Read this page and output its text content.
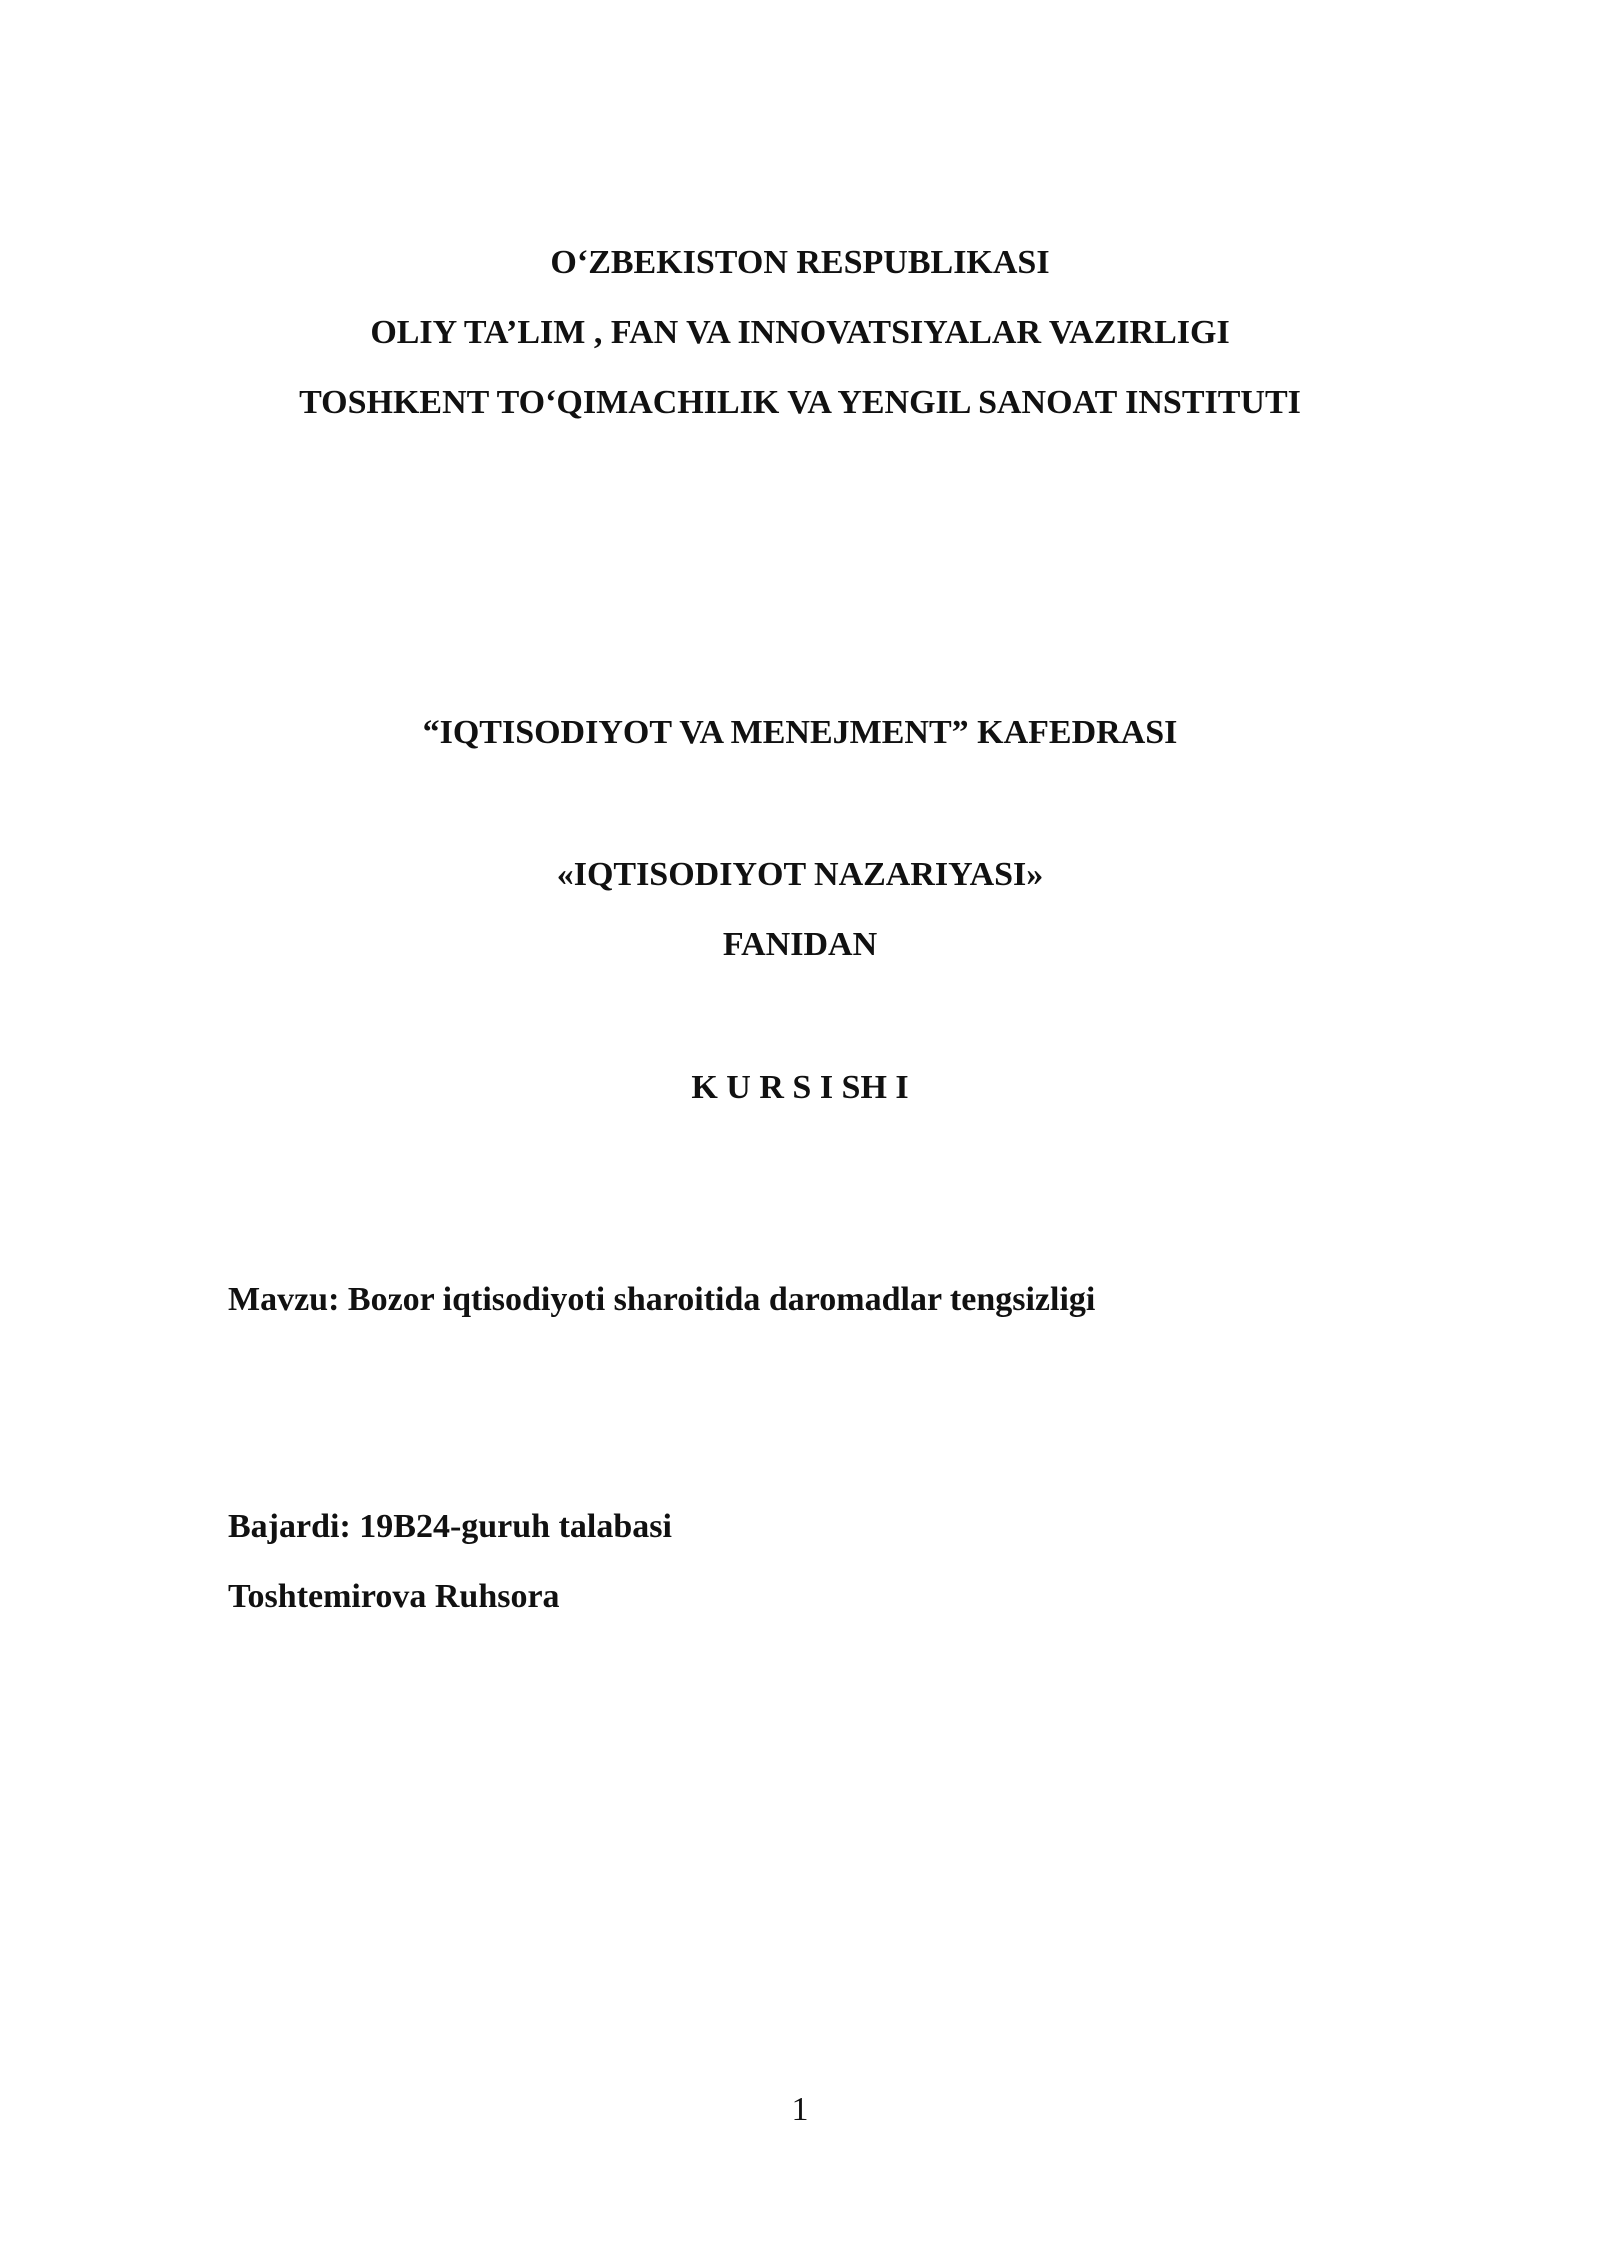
O‘ZBEKISTON RESPUBLIKASI
OLIY TA’LIM , FAN VA INNOVATSIYALAR VAZIRLIGI
TOSHKENT TO‘QIMACHILIK VA YENGIL SANOAT INSTITUTI
“IQTISODIYOT VA MENEJMENT” KAFEDRASI
«IQTISODIYOT NAZARIYASI»
FANIDAN
K U R S I SH I
Mavzu: Bozor iqtisodiyoti sharoitida daromadlar tengsizligi
Bajardi: 19B24-guruh talabasi
Toshtemirova Ruhsora
1
